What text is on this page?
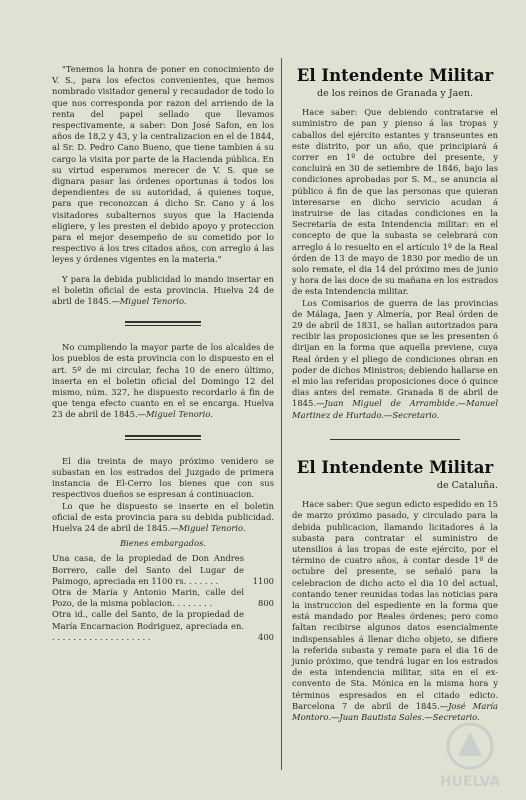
"Tenemos la honra de poner en conocimiento de V. S., para los efectos convenientes, que hemos nombrado visitador general y recaudador de todo lo que nos corresponda por razon del arriendo de la renta del papel sellado que llevamos respectivamente, a saber: Don José Safon, en los años de 18,2 y 43, y la centralizacion en el de 1844, al Sr. D. Pedro Cano Bueno, que tiene tambien á su cargo la visita por parte de la Hacienda pública. En su virtud esperamos merecer de V. S. que se dignara pasar las órdenes oportunas á todos los dependientes de su autoridad, á quienes toque, para que reconozcan á dicho Sr. Cano y á los visitadores subalternos suyos que la Hacienda eligiere, y les presten el debido apoyo y proteccion para el mejor desempeño de su cometido por lo respectivo á los tres citados años, con arreglo á las leyes y órdenes vigentes en la materia."

Y para la debida publicidad lo mando insertar en el boletin oficial de esta provincia. Huelva 24 de abril de 1845.—Miguel Tenorio.

No cumpliendo la mayor parte de los alcaldes de los pueblos de esta provincia con lo dispuesto en el art. 5º de mi circular, fecha 10 de enero último, inserta en el boletin oficial del Domingo 12 del mismo, núm. 327, he dispuesto recordarlo á fin de que tenga efecto cuanto en el se encarga. Huelva 23 de abril de 1845.—Miguel Tenorio.

El dia treinta de mayo próximo venidero se subastan en los estrados del Juzgado de primera instancia de El-Cerro los bienes que con sus respectivos dueños se espresan á continuacion.

Lo que he dispuesto se inserte en el boletin oficial de esta provincia para su debida publicidad. Huelva 24 de abril de 1845.—Miguel Tenorio.

Bienes embargados.

Una casa, de la propiedad de Don Andres Borrero, calle del Santo del Lugar de Paimogo, apreciada en 1100 rs. . . . . . .	1100

Otra de María y Antonio Marin, calle del Pozo, de la misma poblacion. . . . . . . .	800

Otra id., calle del Santo, de la propiedad de María Encarnacion Rodriguez, apreciada en. . . . . . . . . . . . . . . . . . . .	400
El Intendente Militar
de los reinos de Granada y Jaen.

Hace saber: Que debiendo contratarse el suministro de pan y pienso á las tropas y caballos del ejército estantes y transeuntes en este distrito, por un año, que principiará á correr en 1º de octubre del presente, y concluirá en 30 de setiembre de 1846, bajo las condiciones aprobadas por S. M., se anuncia al público á fin de que las personas que quieran interesarse en dicho servicio acudan á instruirse de las citadas condiciones en la Secretaría de esta Intendencia militar: en el concepto de que la subasta se celebrará con arreglo á lo resuelto en el artículo 1º de la Real órden de 13 de mayo de 1830 por medio de un solo remate, el dia 14 del próximo mes de junio y hora de las doce de su mañana en los estrados de esta Intendencia militar.

Los Comisarios de guerra de las provincias de Málaga, Jaen y Almería, por Real órden de 29 de abril de 1831, se hallan autorizados para recibir las proposiciones que se les presenten ó dirijan en la forma que aquella previene, cuya Real órden y el pliego de condiciones obran en poder de dichos Ministros; debiendo hallarse en el mio las referidas proposiciones doce ó quince dias antes del remate. Granada 8 de abril de 1845.—Juan Miguel de Arrambide.—Manuel Martinez de Hurtado.—Secretario.

El Intendente Militar
de Cataluña.

Hace saber: Que segun edicto espedido en 15 de marzo próximo pasado, y circulado para la debida publicacion, llamando licitadores á la subasta para contratar el suministro de utensilios á las tropas de este ejército, por el término de cuatro años, á contar desde 1º de octubre del presente, se señaló para la celebracion de dicho acto el dia 10 del actual, contando tener reunidas todas las noticias para la instruccion del espediente en la forma que está mandado por Reales órdenes; pero como faltan recibirse algunos datos esencialmente indispensables á llenar dicho objeto, se difiere la referida subasta y remate para el dia 16 de junio próximo, que tendrá lugar en los estrados de esta intendencia militar, sita en el ex-convento de Sta. Mónica en la misma hora y términos espresados en el citado edicto. Barcelona 7 de abril de 1845.—José María Montoro.—Juan Bautista Sales.—Secretario.

HUELVA
